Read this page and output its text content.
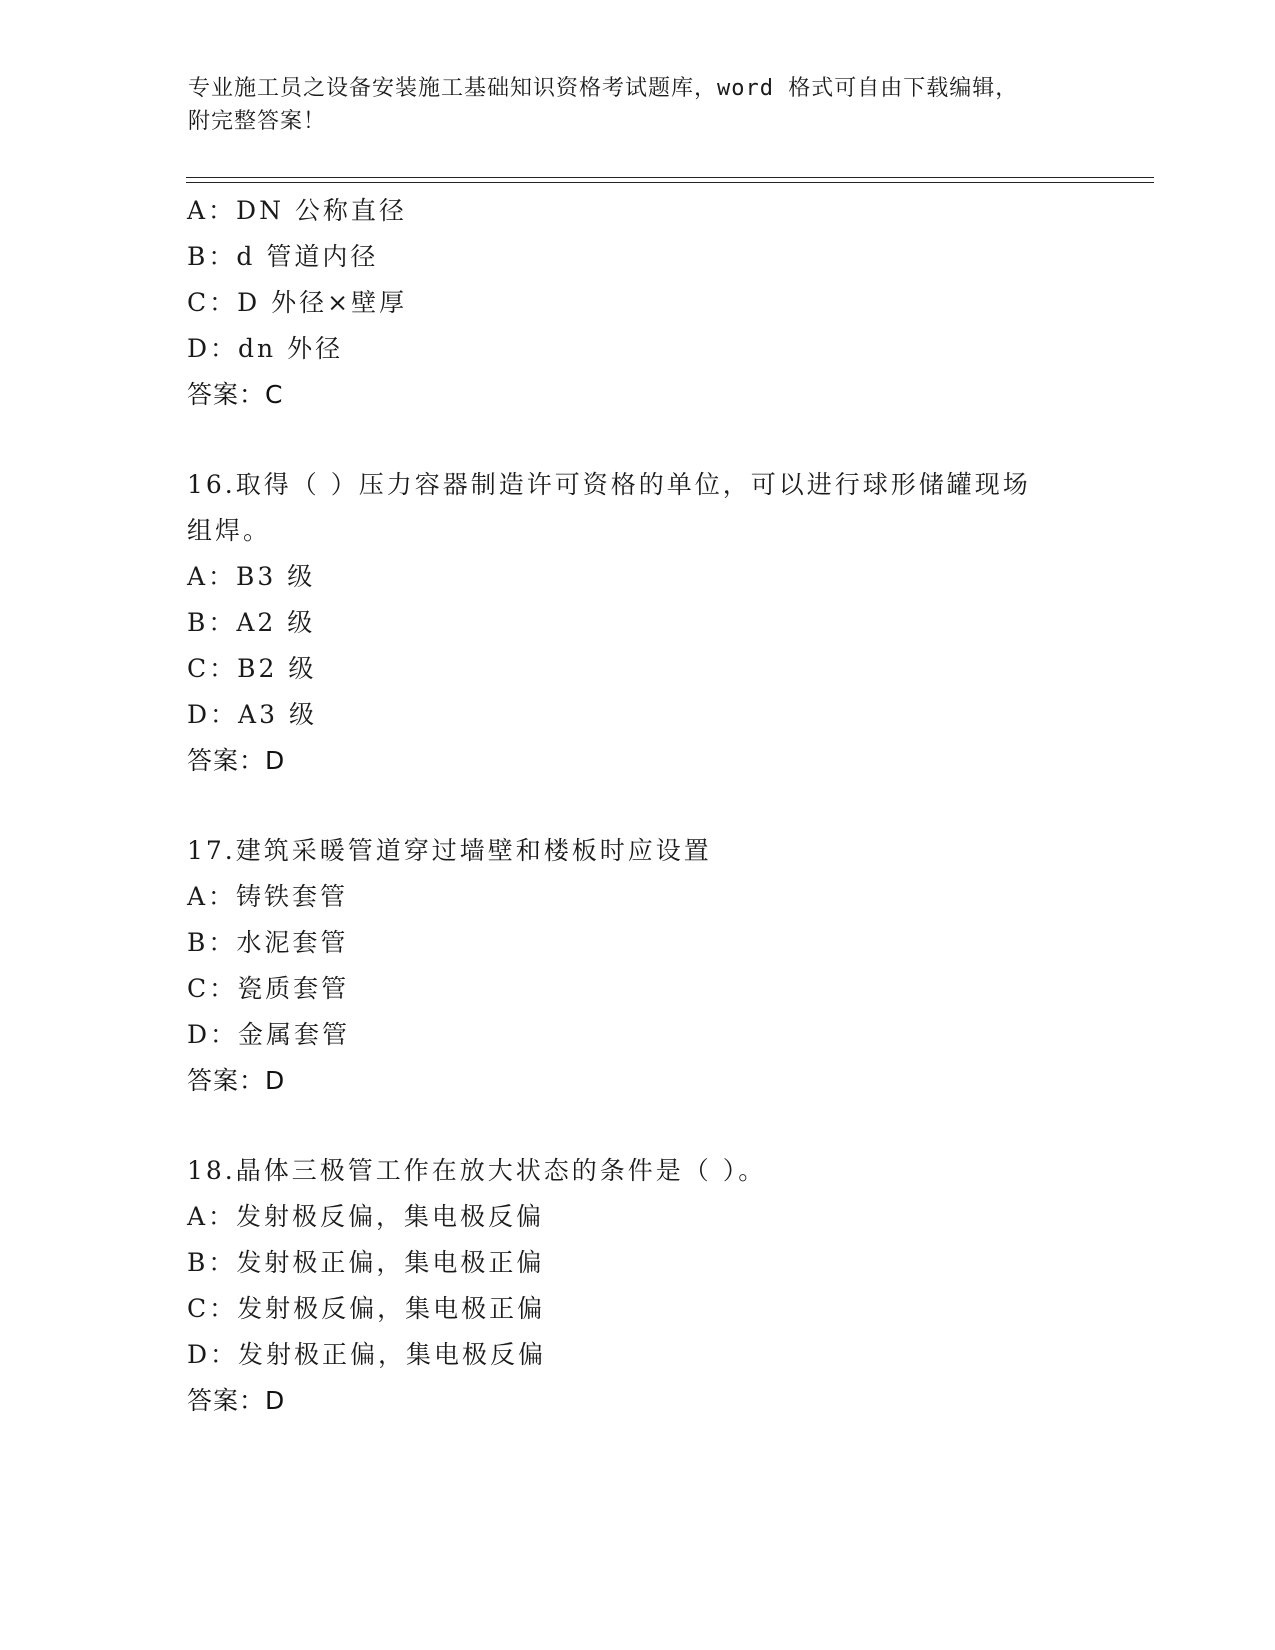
专业施工员之设备安装施工基础知识资格考试题库，word 格式可自由下载编辑，
附完整答案！
A：DN 公称直径
B：d 管道内径
C：D 外径×壁厚
D：dn 外径
答案：C
16.取得（ ）压力容器制造许可资格的单位，可以进行球形储罐现场
组焊。
A：B3 级
B：A2 级
C：B2 级
D：A3 级
答案：D
17.建筑采暖管道穿过墙壁和楼板时应设置
A：铸铁套管
B：水泥套管
C：瓷质套管
D：金属套管
答案：D
18.晶体三极管工作在放大状态的条件是（ ）。
A：发射极反偏，集电极反偏
B：发射极正偏，集电极正偏
C：发射极反偏，集电极正偏
D：发射极正偏，集电极反偏
答案：D
